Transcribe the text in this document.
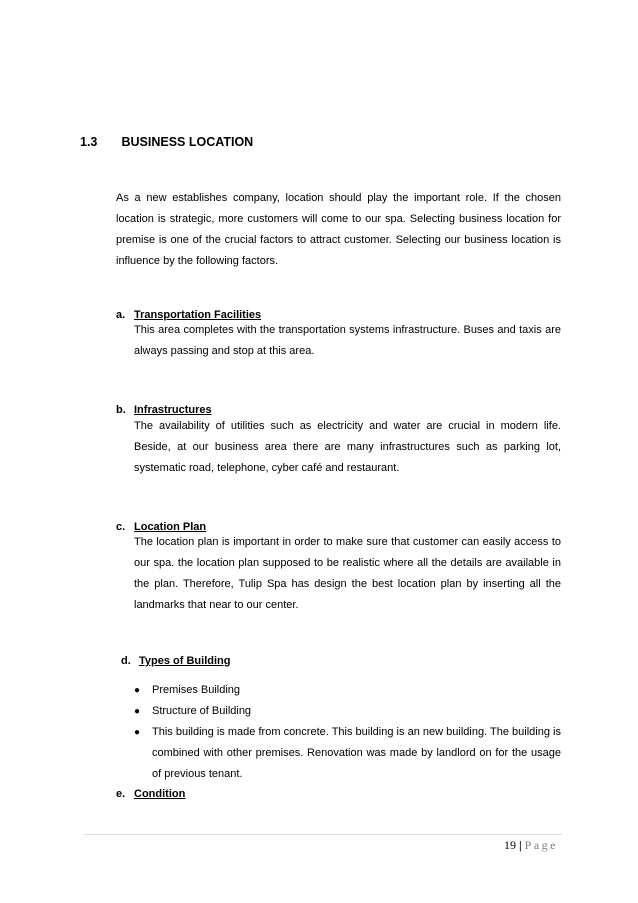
1.3 BUSINESS LOCATION

As a new establishes company, location should play the important role. If the chosen location is strategic, more customers will come to our spa. Selecting business location for premise is one of the crucial factors to attract customer. Selecting our business location is influence by the following factors.

a. Transportation Facilities

This area completes with the transportation systems infrastructure. Buses and taxis are always passing and stop at this area.

b. Infrastructures

The availability of utilities such as electricity and water are crucial in modern life. Beside, at our business area there are many infrastructures such as parking lot, systematic road, telephone, cyber café and restaurant.

c. Location Plan

The location plan is important in order to make sure that customer can easily access to our spa. the location plan supposed to be realistic where all the details are available in the plan. Therefore, Tulip Spa has design the best location plan by inserting all the landmarks that near to our center.

d. Types of Building
● Premises Building
● Structure of Building
● This building is made from concrete. This building is an new building. The building is combined with other premises. Renovation was made by landlord on for the usage of previous tenant.
e. Condition
19 | Page
